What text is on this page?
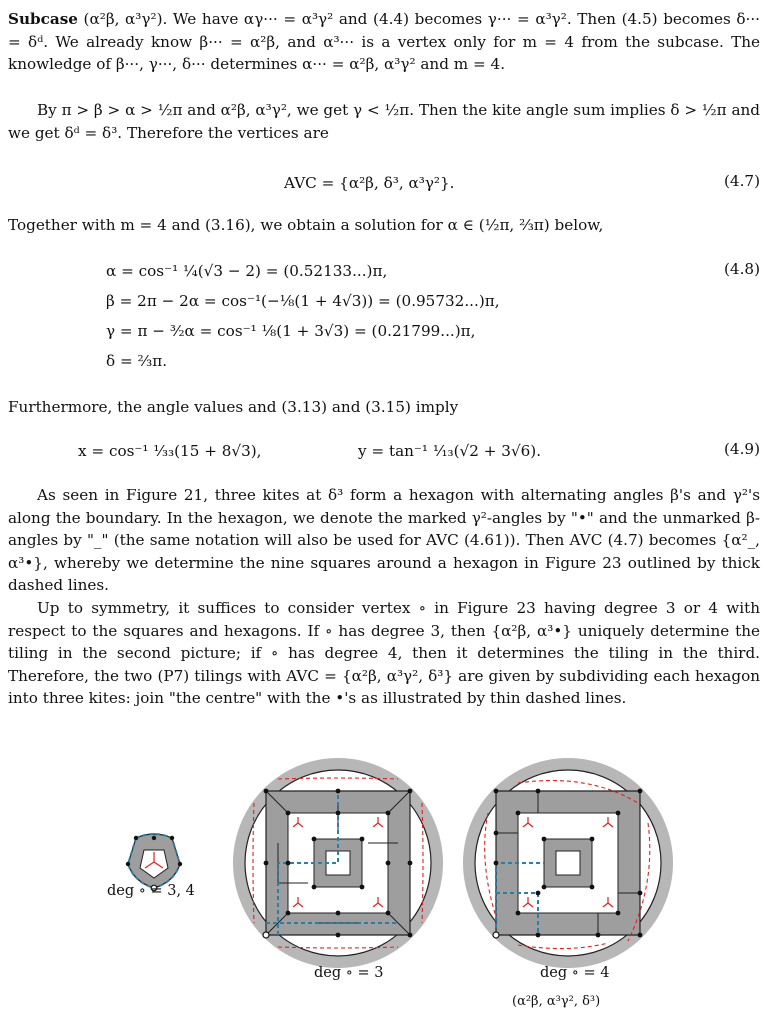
Subcase (α²β, α³γ²). We have αγ··· = α³γ² and (4.4) becomes γ··· = α³γ². Then (4.5) becomes δ··· = δᵈ. We already know β··· = α²β, and α³··· is a vertex only for m = 4 from the subcase. The knowledge of β···, γ···, δ··· determines α··· = α²β, α³γ² and m = 4.

By π > β > α > ½π and α²β, α³γ², we get γ < ½π. Then the kite angle sum implies δ > ½π and we get δᵈ = δ³. Therefore the vertices are

AVC = {α²β, δ³, α³γ²}.	(4.7)

Together with m = 4 and (3.16), we obtain a solution for α ∈ (½π, ⅔π) below,

α = cos⁻¹ ¼(√3 − 2) = (0.52133...)π,	(4.8)
β = 2π − 2α = cos⁻¹(−⅛(1 + 4√3)) = (0.95732...)π,
γ = π − ³⁄₂α = cos⁻¹ ⅛(1 + 3√3) = (0.21799...)π,
δ = ⅔π.

Furthermore, the angle values and (3.13) and (3.15) imply

x = cos⁻¹ ¹⁄₃₃(15 + 8√3),	y = tan⁻¹ ¹⁄₁₃(√2 + 3√6).	(4.9)

As seen in Figure 21, three kites at δ³ form a hexagon with alternating angles β's and γ²'s along the boundary. In the hexagon, we denote the marked γ²-angles by "•" and the unmarked β-angles by "_" (the same notation will also be used for AVC (4.61)). Then AVC (4.7) becomes {α²_, α³•}, whereby we determine the nine squares around a hexagon in Figure 23 outlined by thick dashed lines.

Up to symmetry, it suffices to consider vertex ∘ in Figure 23 having degree 3 or 4 with respect to the squares and hexagons. If ∘ has degree 3, then {α²β, α³•} uniquely determine the tiling in the second picture; if ∘ has degree 4, then it determines the tiling in the third. Therefore, the two (P7) tilings with AVC = {α²β, α³γ², δ³} are given by subdividing each hexagon into three kites: join "the centre" with the •'s as illustrated by thin dashed lines.

deg ∘ = 3, 4
deg ∘ = 3	deg ∘ = 4
(α²β, α³γ², δ³)
